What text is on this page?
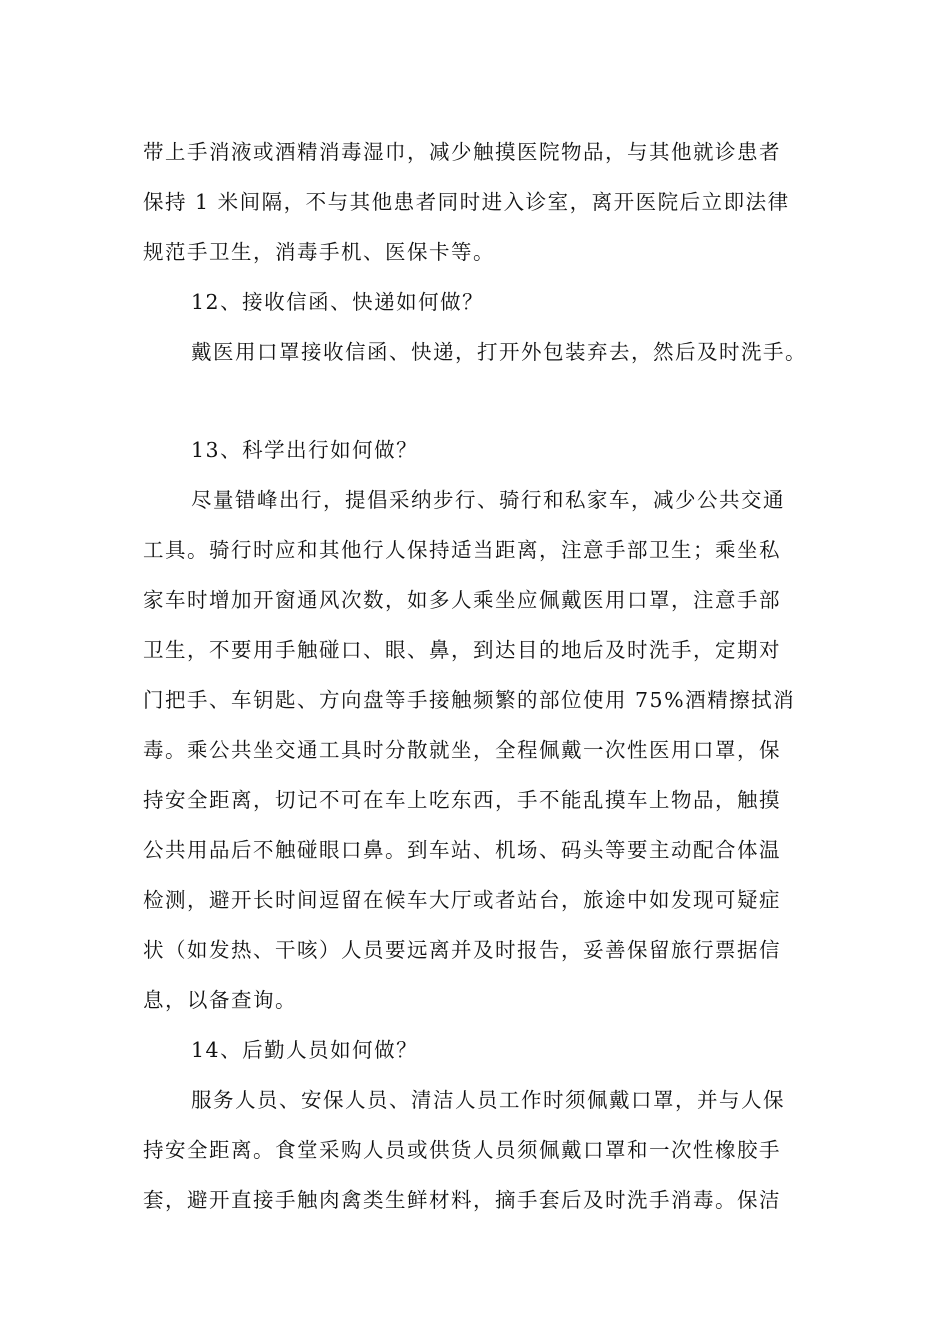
带上手消液或酒精消毒湿巾，减少触摸医院物品，与其他就诊患者
保持 1 米间隔，不与其他患者同时进入诊室，离开医院后立即法律
规范手卫生，消毒手机、医保卡等。
12、接收信函、快递如何做？
戴医用口罩接收信函、快递，打开外包装弃去，然后及时洗手。
13、科学出行如何做？
尽量错峰出行，提倡采纳步行、骑行和私家车，减少公共交通
工具。骑行时应和其他行人保持适当距离，注意手部卫生；乘坐私
家车时增加开窗通风次数，如多人乘坐应佩戴医用口罩，注意手部
卫生，不要用手触碰口、眼、鼻，到达目的地后及时洗手，定期对
门把手、车钥匙、方向盘等手接触频繁的部位使用 75%酒精擦拭消
毒。乘公共坐交通工具时分散就坐，全程佩戴一次性医用口罩，保
持安全距离，切记不可在车上吃东西，手不能乱摸车上物品，触摸
公共用品后不触碰眼口鼻。到车站、机场、码头等要主动配合体温
检测，避开长时间逗留在候车大厅或者站台，旅途中如发现可疑症
状（如发热、干咳）人员要远离并及时报告，妥善保留旅行票据信
息，以备查询。
14、后勤人员如何做？
服务人员、安保人员、清洁人员工作时须佩戴口罩，并与人保
持安全距离。食堂采购人员或供货人员须佩戴口罩和一次性橡胶手
套，避开直接手触肉禽类生鲜材料，摘手套后及时洗手消毒。保洁
